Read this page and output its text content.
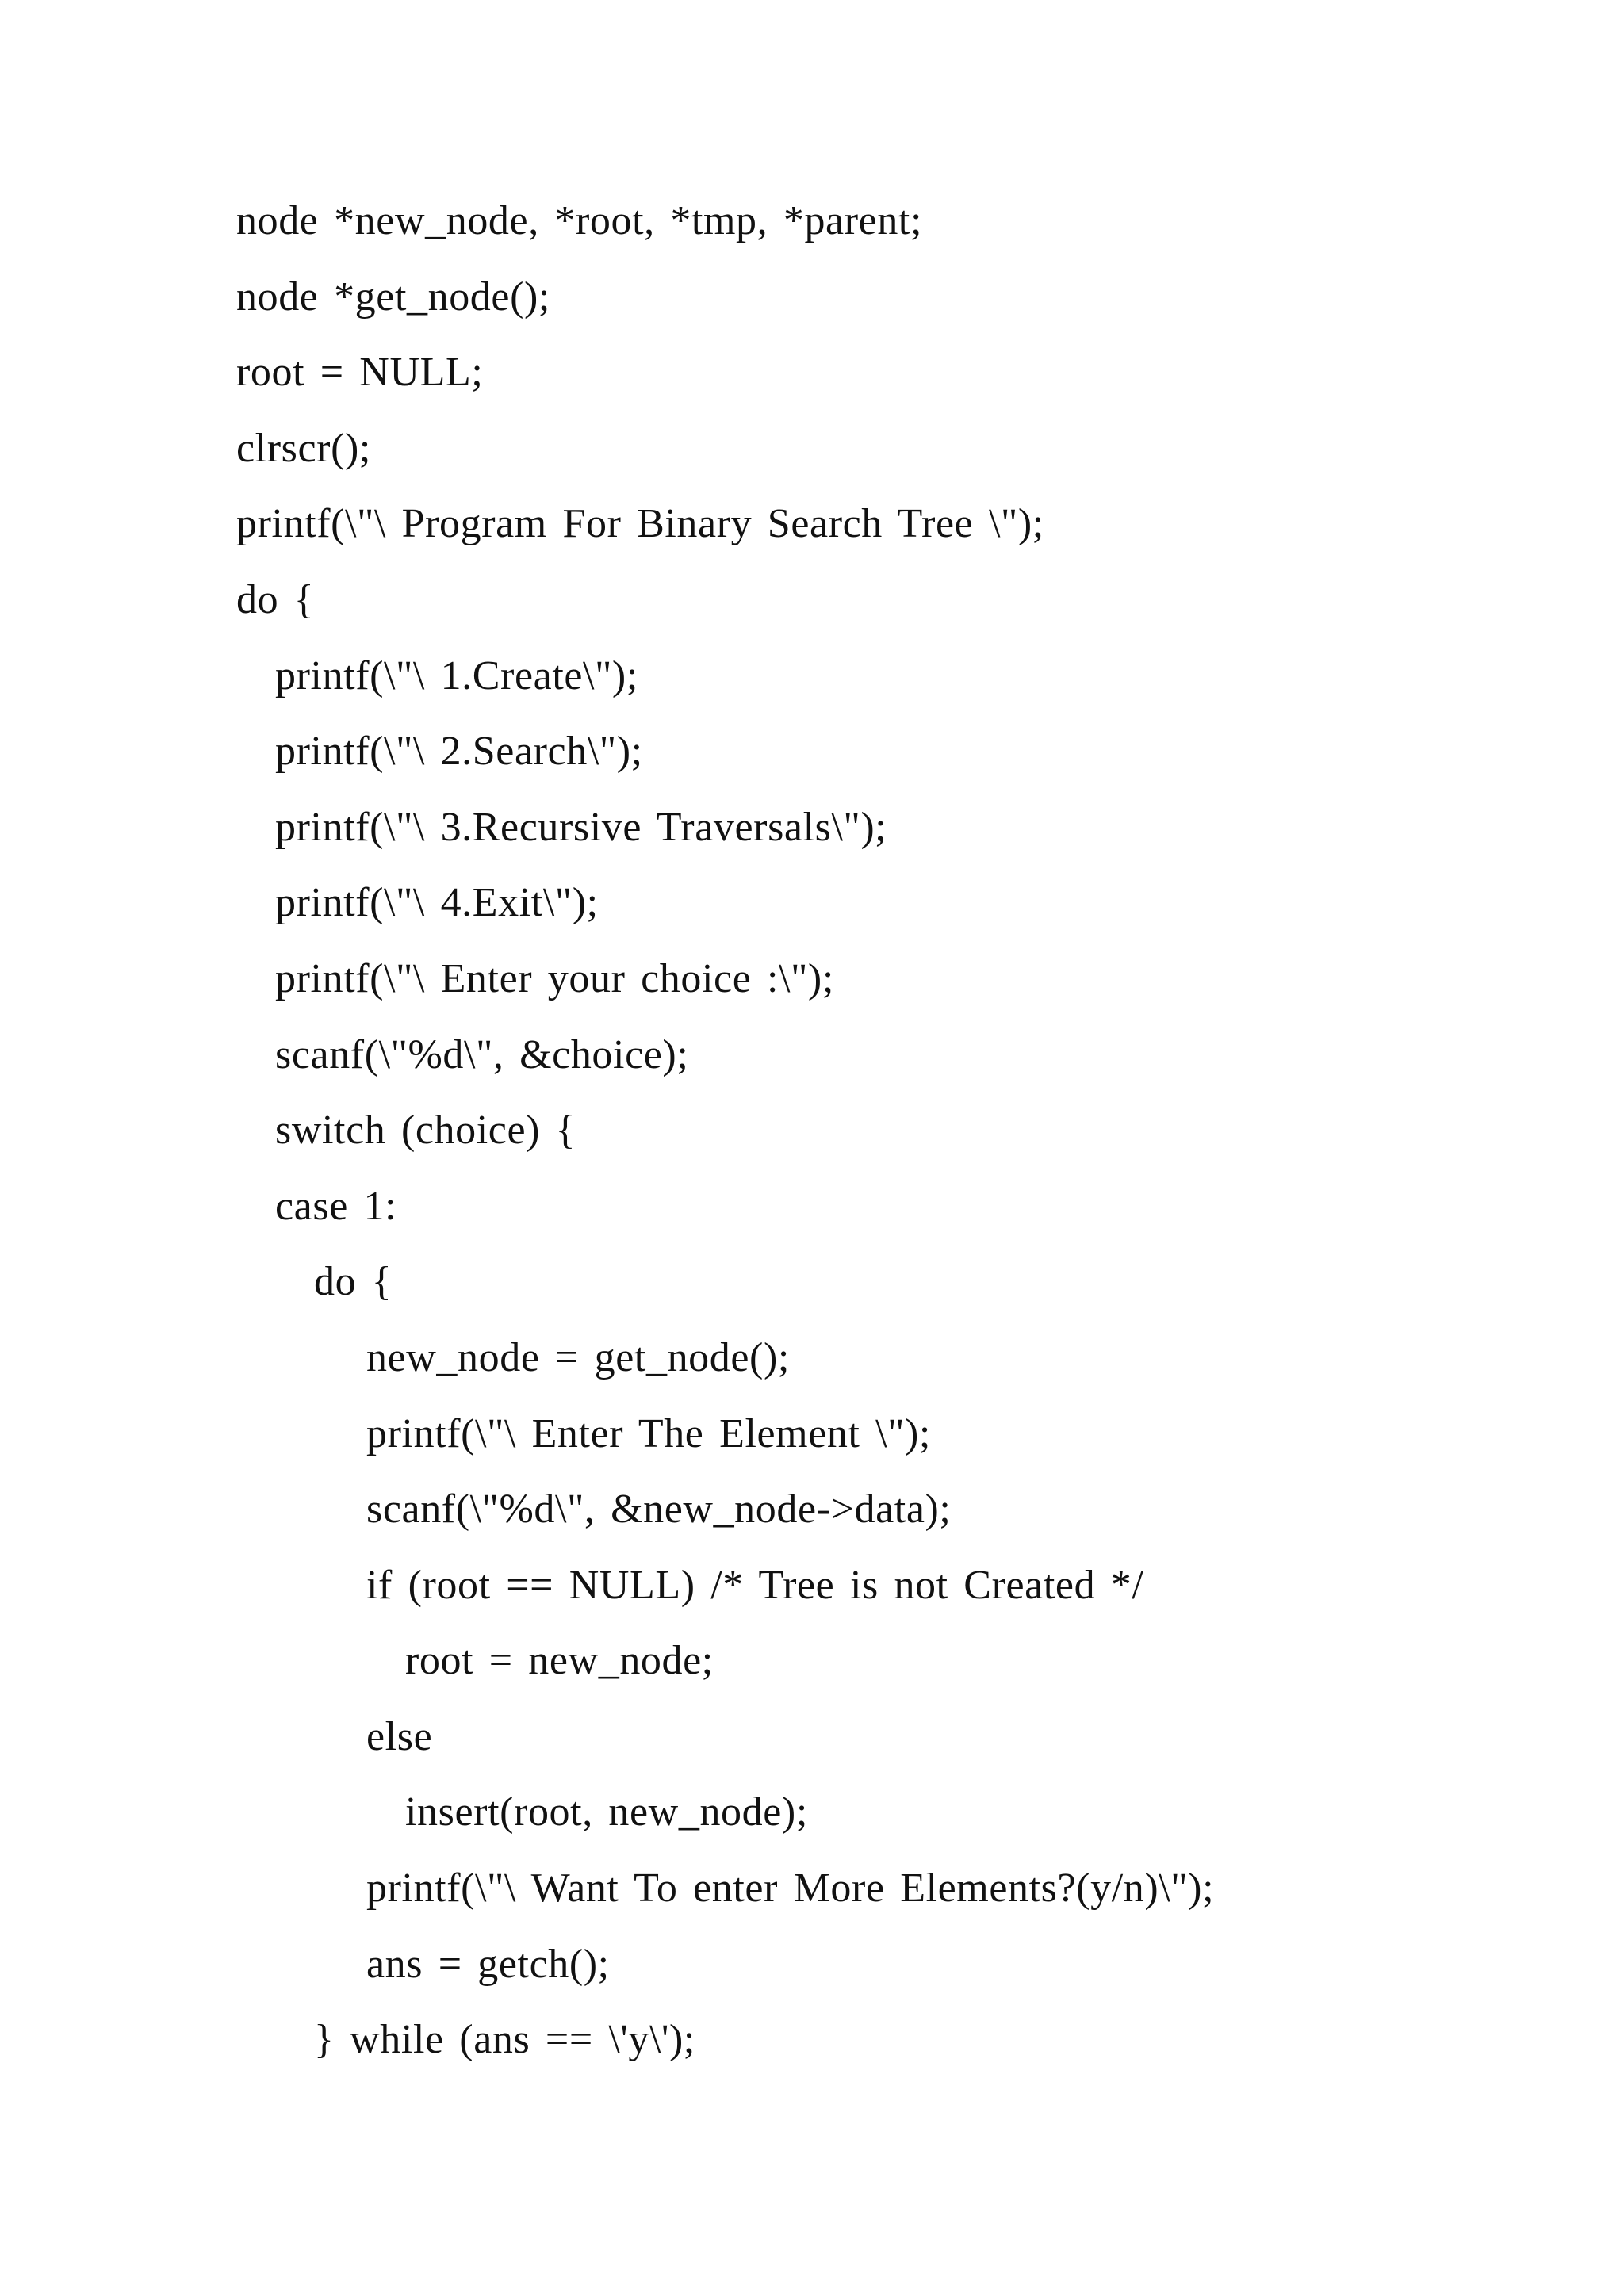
node *new_node, *root, *tmp, *parent;
node *get_node();
root = NULL;
clrscr();
printf(\"\ Program For Binary Search Tree \");
do {
printf(\"\ 1.Create\");
printf(\"\ 2.Search\");
printf(\"\ 3.Recursive Traversals\");
printf(\"\ 4.Exit\");
printf(\"\ Enter your choice :\");
scanf(\"%d\", &choice);
switch (choice) {
case 1:
do {
new_node = get_node();
printf(\"\ Enter The Element \");
scanf(\"%d\", &new_node->data);
if (root == NULL) /* Tree is not Created */
root = new_node;
else
insert(root, new_node);
printf(\"\ Want To enter More Elements?(y/n)\");
ans = getch();
} while (ans == \'y\');
